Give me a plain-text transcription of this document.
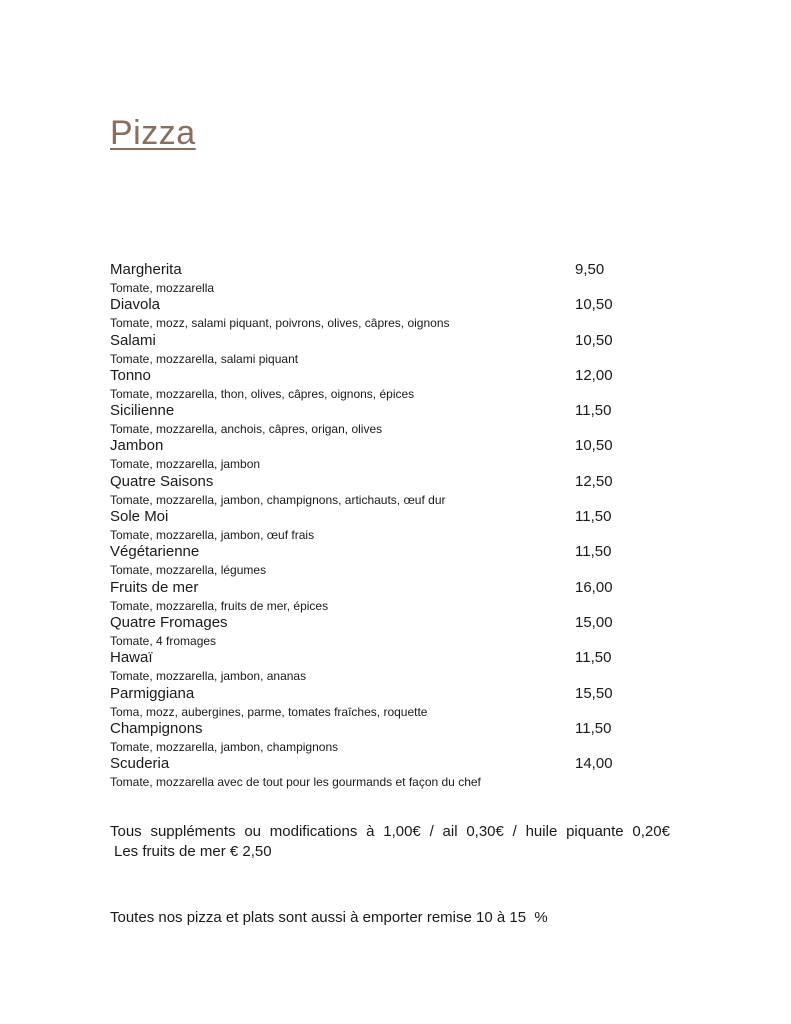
Pizza
Margherita	9,50
Tomate, mozzarella
Diavola	10,50
Tomate, mozz, salami piquant, poivrons, olives, câpres, oignons
Salami	10,50
Tomate, mozzarella, salami piquant
Tonno	12,00
Tomate, mozzarella, thon, olives, câpres, oignons, épices
Sicilienne	11,50
Tomate, mozzarella, anchois, câpres, origan, olives
Jambon	10,50
Tomate, mozzarella, jambon
Quatre Saisons	12,50
Tomate, mozzarella, jambon, champignons, artichauts, œuf dur
Sole Moi	11,50
Tomate, mozzarella, jambon, œuf frais
Végétarienne	11,50
Tomate, mozzarella, légumes
Fruits de mer	16,00
Tomate, mozzarella, fruits de mer, épices
Quatre Fromages	15,00
Tomate, 4 fromages
Hawaï	11,50
Tomate, mozzarella, jambon, ananas
Parmiggiana	15,50
Toma, mozz, aubergines, parme, tomates fraîches, roquette
Champignons	11,50
Tomate, mozzarella, jambon, champignons
Scuderia	14,00
Tomate, mozzarella avec de tout pour les gourmands et façon du chef
Tous suppléments ou modifications à 1,00€ / ail 0,30€ / huile piquante 0,20€
Les fruits de mer € 2,50
Toutes nos pizza et plats sont aussi à emporter remise 10 à 15  %
